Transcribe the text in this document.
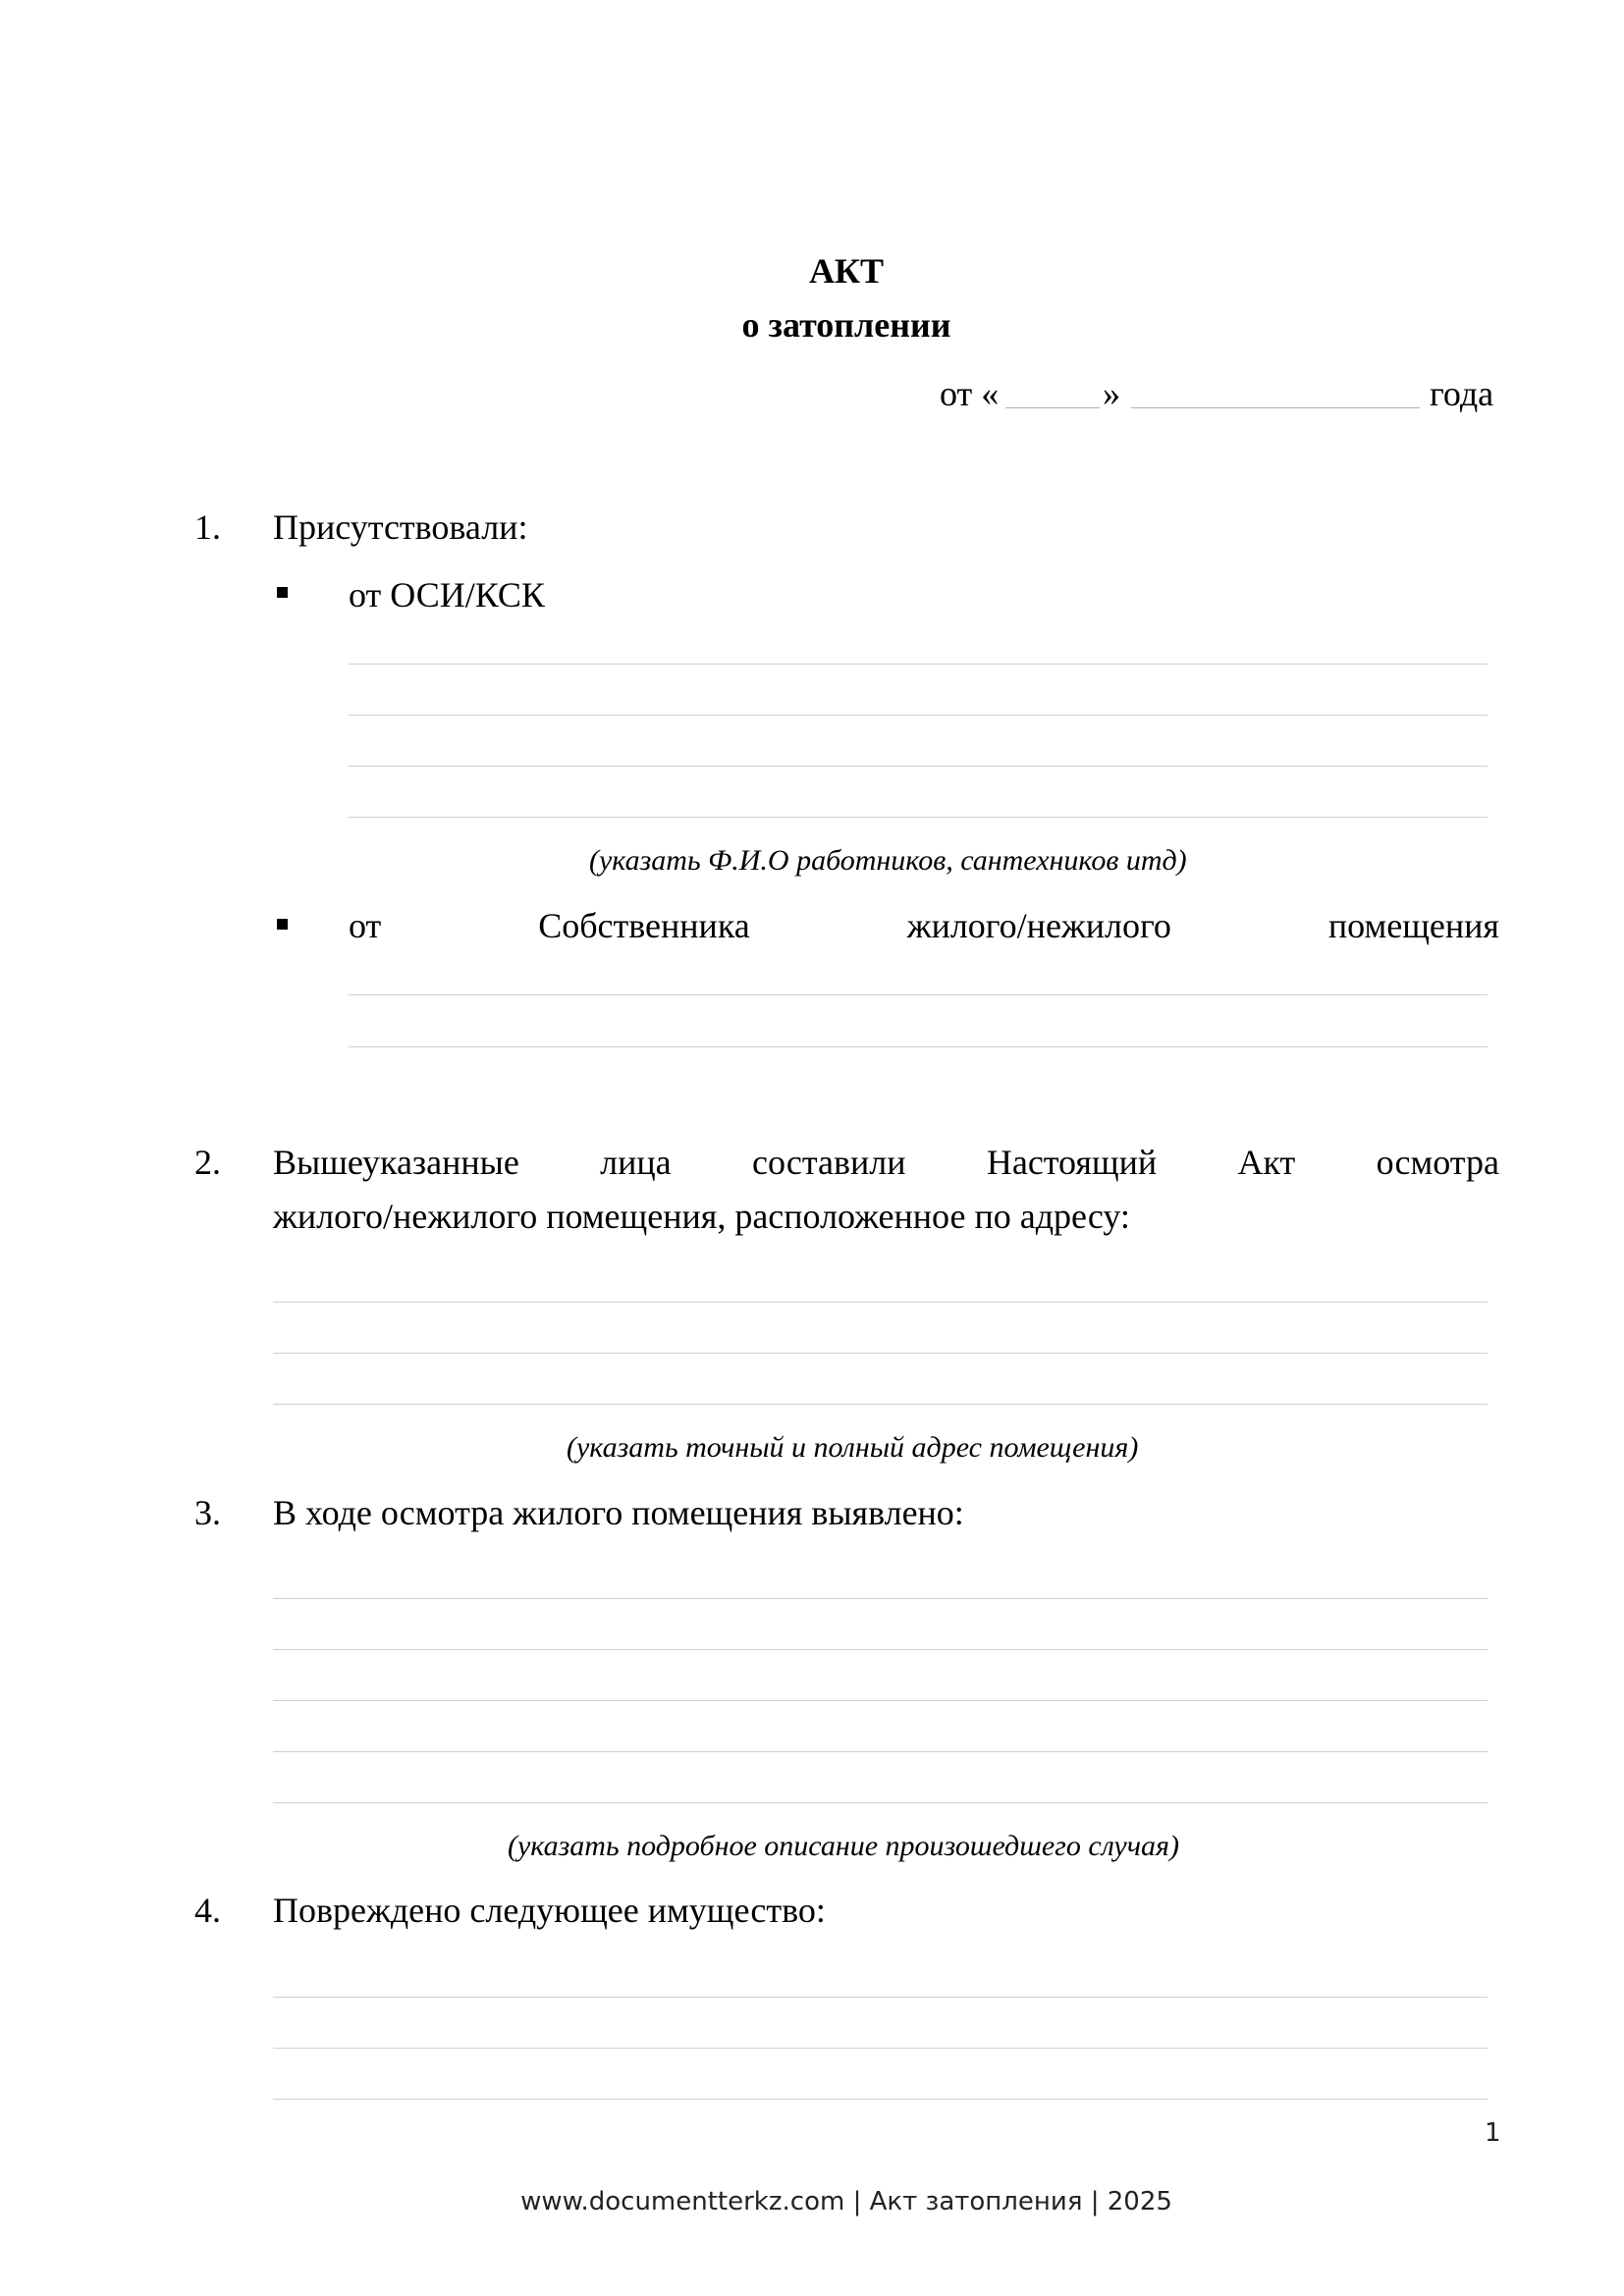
АКТ
о затоплении
от «	»	года
1. Присутствовали:
от ОСИ/КСК
(указать Ф.И.О работников, сантехников итд)
от	Собственника	жилого/нежилого	помещения
2. Вышеуказанные лица составили Настоящий Акт осмотра
жилого/нежилого помещения, расположенное по адресу:
(указать точный и полный адрес помещения)
3. В ходе осмотра жилого помещения выявлено:
(указать подробное описание произошедшего случая)
4. Повреждено следующее имущество:
1
www.documentterkz.com | Акт затопления | 2025
